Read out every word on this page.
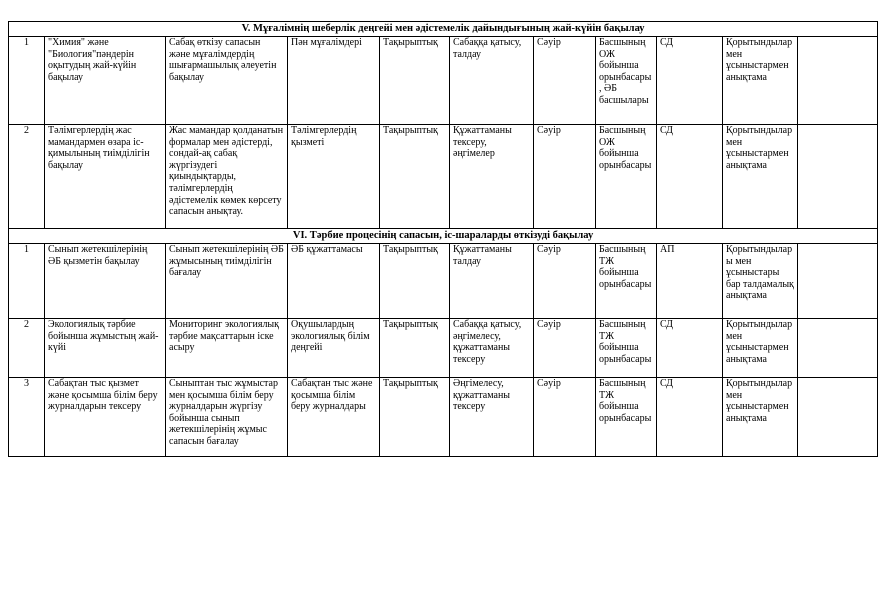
V. Мұғалімнің шеберлік деңгейі мен әдістемелік дайындығының жай-күйін бақылау										
1	"Химия" және "Биология"пәндерін оқытудың жай-күйін бақылау	Сабақ өткізу сапасын және мұғалімдердің шығармашылық әлеуетін бақылау	Пән мұғалімдері	Тақырыптық	Сабаққа қатысу, талдау	Сәуір	Басшының ОЖ бойынша орынбасары, ӘБ басшылары	СД	Қорытындылар мен ұсыныстармен анықтама	
2	Тәлімгерлердің жас мамандармен өзара іс-қимылының тиімділігін бақылау	Жас мамандар қолданатын формалар мен әдістерді, сондай-ақ сабақ жүргізудегі қиындықтарды, тәлімгерлердің әдістемелік көмек көрсету сапасын анықтау.	Тәлімгерлердің қызметі	Тақырыптық	Құжаттаманы тексеру, әңгімелер	Сәуір	Басшының ОЖ бойынша орынбасары	СД	Қорытындылар мен ұсыныстармен анықтама	
VI. Тәрбие процесінің сапасын, іс-шараларды өткізуді бақылау										
1	Сынып жетекшілерінің ӘБ қызметін бақылау	Сынып жетекшілерінің ӘБ жұмысының тиімділігін бағалау	ӘБ құжаттамасы	Тақырыптық	Құжаттаманы талдау	Сәуір	Басшының ТЖ бойынша орынбасары	АП	Қорытындылары мен ұсыныстары бар талдамалық анықтама	
2	Экологиялық тәрбие бойынша жұмыстың жай-күйі	Мониторинг экологиялық тәрбие мақсаттарын іске асыру	Оқушылардың экологиялық білім деңгейі	Тақырыптық	Сабаққа қатысу, әңгімелесу, құжаттаманы тексеру	Сәуір	Басшының ТЖ бойынша орынбасары	СД	Қорытындылар мен ұсыныстармен анықтама	
3	Сабақтан тыс қызмет және қосымша білім беру журналдарын тексеру	Сыныптан тыс жұмыстар мен қосымша білім беру журналдарын жүргізу бойынша сынып жетекшілерінің жұмыс сапасын бағалау	Сабақтан тыс және қосымша білім беру журналдары	Тақырыптық	Әңгімелесу, құжаттаманы тексеру	Сәуір	Басшының ТЖ бойынша орынбасары	СД	Қорытындылар мен ұсыныстармен анықтама	
